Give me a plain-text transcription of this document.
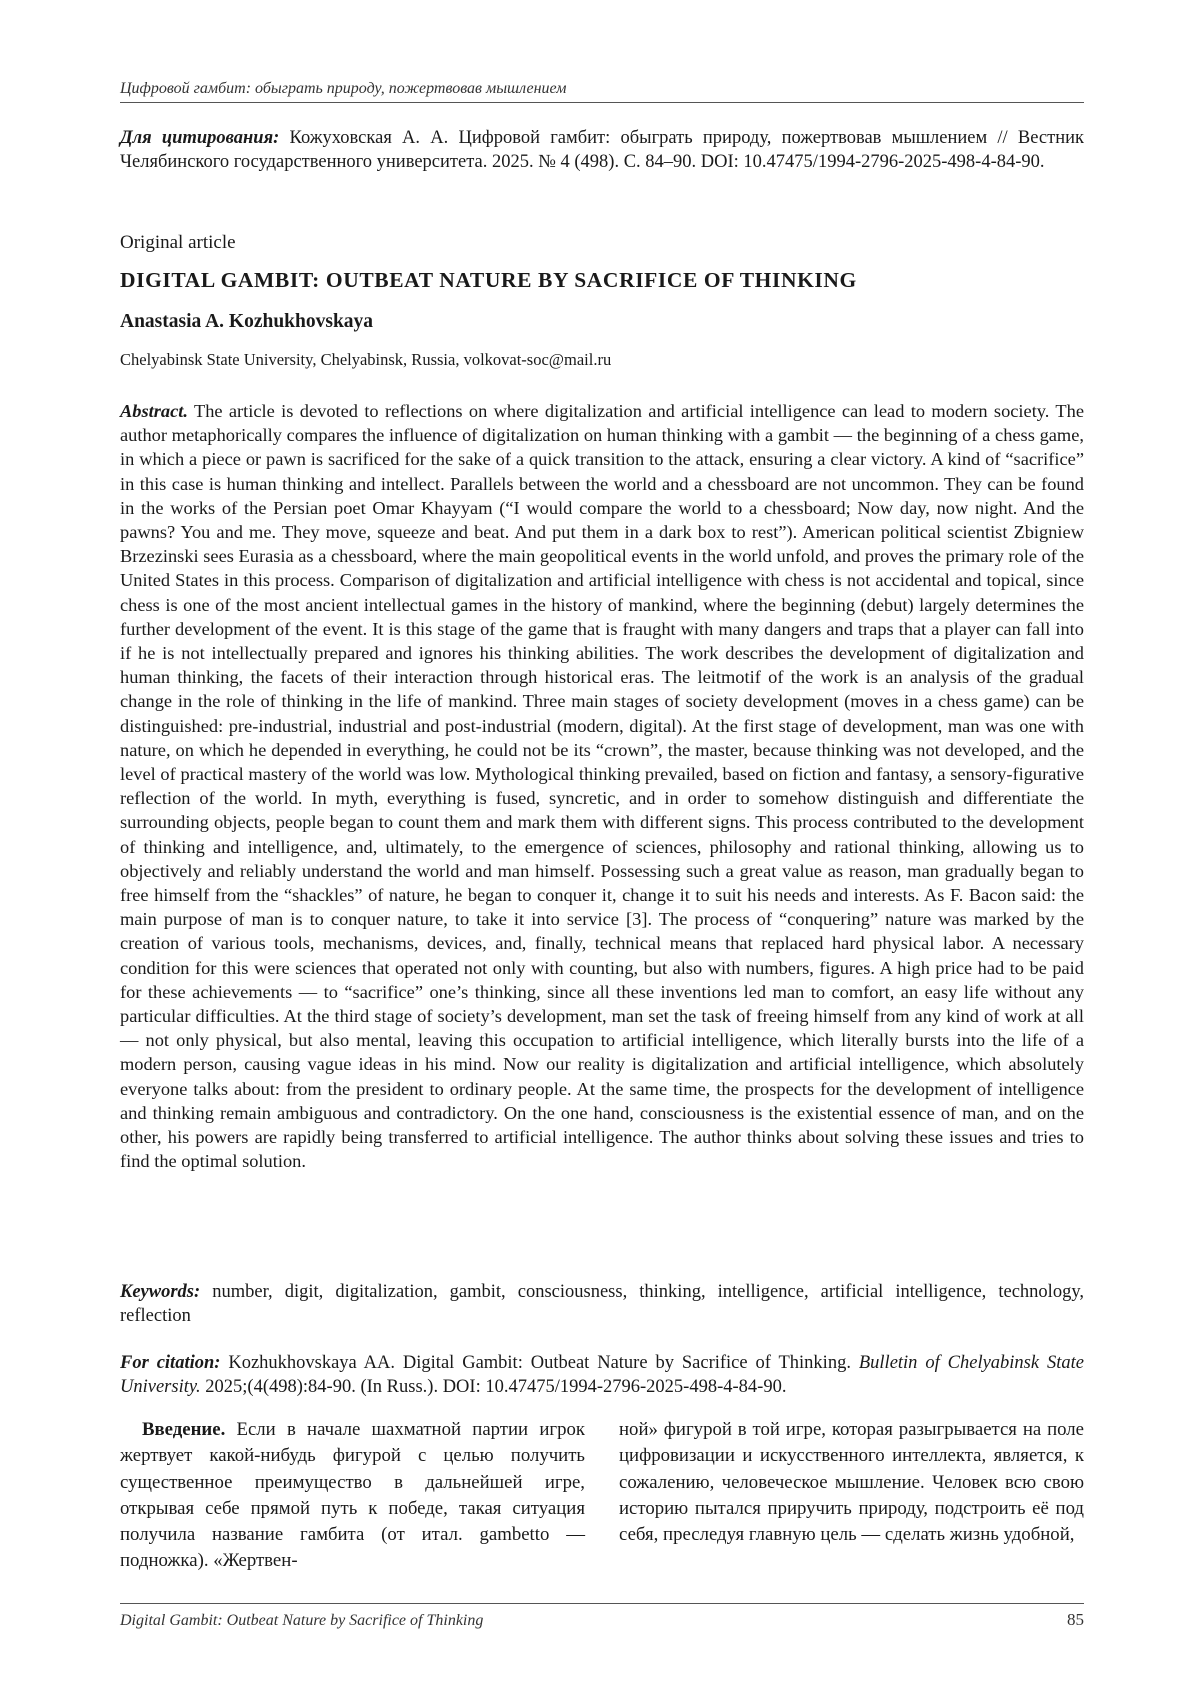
Цифровой гамбит: обыграть природу, пожертвовав мышлением
Для цитирования: Кожуховская А. А. Цифровой гамбит: обыграть природу, пожертвовав мышлением // Вестник Челябинского государственного университета. 2025. № 4 (498). С. 84–90. DOI: 10.47475/1994-2796-2025-498-4-84-90.
Original article
DIGITAL GAMBIT: OUTBEAT NATURE BY SACRIFICE OF THINKING
Anastasia A. Kozhukhovskaya
Chelyabinsk State University, Chelyabinsk, Russia, volkovat-soc@mail.ru
Abstract. The article is devoted to reflections on where digitalization and artificial intelligence can lead to modern society. The author metaphorically compares the influence of digitalization on human thinking with a gambit — the beginning of a chess game, in which a piece or pawn is sacrificed for the sake of a quick transition to the attack, ensuring a clear victory. A kind of “sacrifice” in this case is human thinking and intellect. Parallels between the world and a chessboard are not uncommon. They can be found in the works of the Persian poet Omar Khayyam (“I would compare the world to a chessboard; Now day, now night. And the pawns? You and me. They move, squeeze and beat. And put them in a dark box to rest”). American political scientist Zbigniew Brzezinski sees Eurasia as a chessboard, where the main geopolitical events in the world unfold, and proves the primary role of the United States in this process. Comparison of digitalization and artificial intelligence with chess is not accidental and topical, since chess is one of the most ancient intellectual games in the history of mankind, where the beginning (debut) largely determines the further development of the event. It is this stage of the game that is fraught with many dangers and traps that a player can fall into if he is not intellectually prepared and ignores his thinking abilities. The work describes the development of digitalization and human thinking, the facets of their interaction through historical eras. The leitmotif of the work is an analysis of the gradual change in the role of thinking in the life of mankind. Three main stages of society development (moves in a chess game) can be distinguished: pre-industrial, industrial and post-industrial (modern, digital). At the first stage of development, man was one with nature, on which he depended in everything, he could not be its “crown”, the master, because thinking was not developed, and the level of practical mastery of the world was low. Mythological thinking prevailed, based on fiction and fantasy, a sensory-figurative reflection of the world. In myth, everything is fused, syncretic, and in order to somehow distinguish and differentiate the surrounding objects, people began to count them and mark them with different signs. This process contributed to the development of thinking and intelligence, and, ultimately, to the emergence of sciences, philosophy and rational thinking, allowing us to objectively and reliably understand the world and man himself. Possessing such a great value as reason, man gradually began to free himself from the “shackles” of nature, he began to conquer it, change it to suit his needs and interests. As F. Bacon said: the main purpose of man is to conquer nature, to take it into service [3]. The process of “conquering” nature was marked by the creation of various tools, mechanisms, devices, and, finally, technical means that replaced hard physical labor. A necessary condition for this were sciences that operated not only with counting, but also with numbers, figures. A high price had to be paid for these achievements — to “sacrifice” one’s thinking, since all these inventions led man to comfort, an easy life without any particular difficulties. At the third stage of society’s development, man set the task of freeing himself from any kind of work at all — not only physical, but also mental, leaving this occupation to artificial intelligence, which literally bursts into the life of a modern person, causing vague ideas in his mind. Now our reality is digitalization and artificial intelligence, which absolutely everyone talks about: from the president to ordinary people. At the same time, the prospects for the development of intelligence and thinking remain ambiguous and contradictory. On the one hand, consciousness is the existential essence of man, and on the other, his powers are rapidly being transferred to artificial intelligence. The author thinks about solving these issues and tries to find the optimal solution.
Keywords: number, digit, digitalization, gambit, consciousness, thinking, intelligence, artificial intelligence, technology, reflection
For citation: Kozhukhovskaya AA. Digital Gambit: Outbeat Nature by Sacrifice of Thinking. Bulletin of Chelyabinsk State University. 2025;(4(498):84-90. (In Russ.). DOI: 10.47475/1994-2796-2025-498-4-84-90.
Введение. Если в начале шахматной партии игрок жертвует какой-нибудь фигурой с целью получить существенное преимущество в дальнейшей игре, открывая себе прямой путь к победе, такая ситуация получила название гамбита (от итал. gambetto — подножка). «Жертвен-
ной» фигурой в той игре, которая разыгрывается на поле цифровизации и искусственного интеллекта, является, к сожалению, человеческое мышление. Человек всю свою историю пытался приручить природу, подстроить её под себя, преследуя главную цель — сделать жизнь удобной,
Digital Gambit: Outbeat Nature by Sacrifice of Thinking	85
